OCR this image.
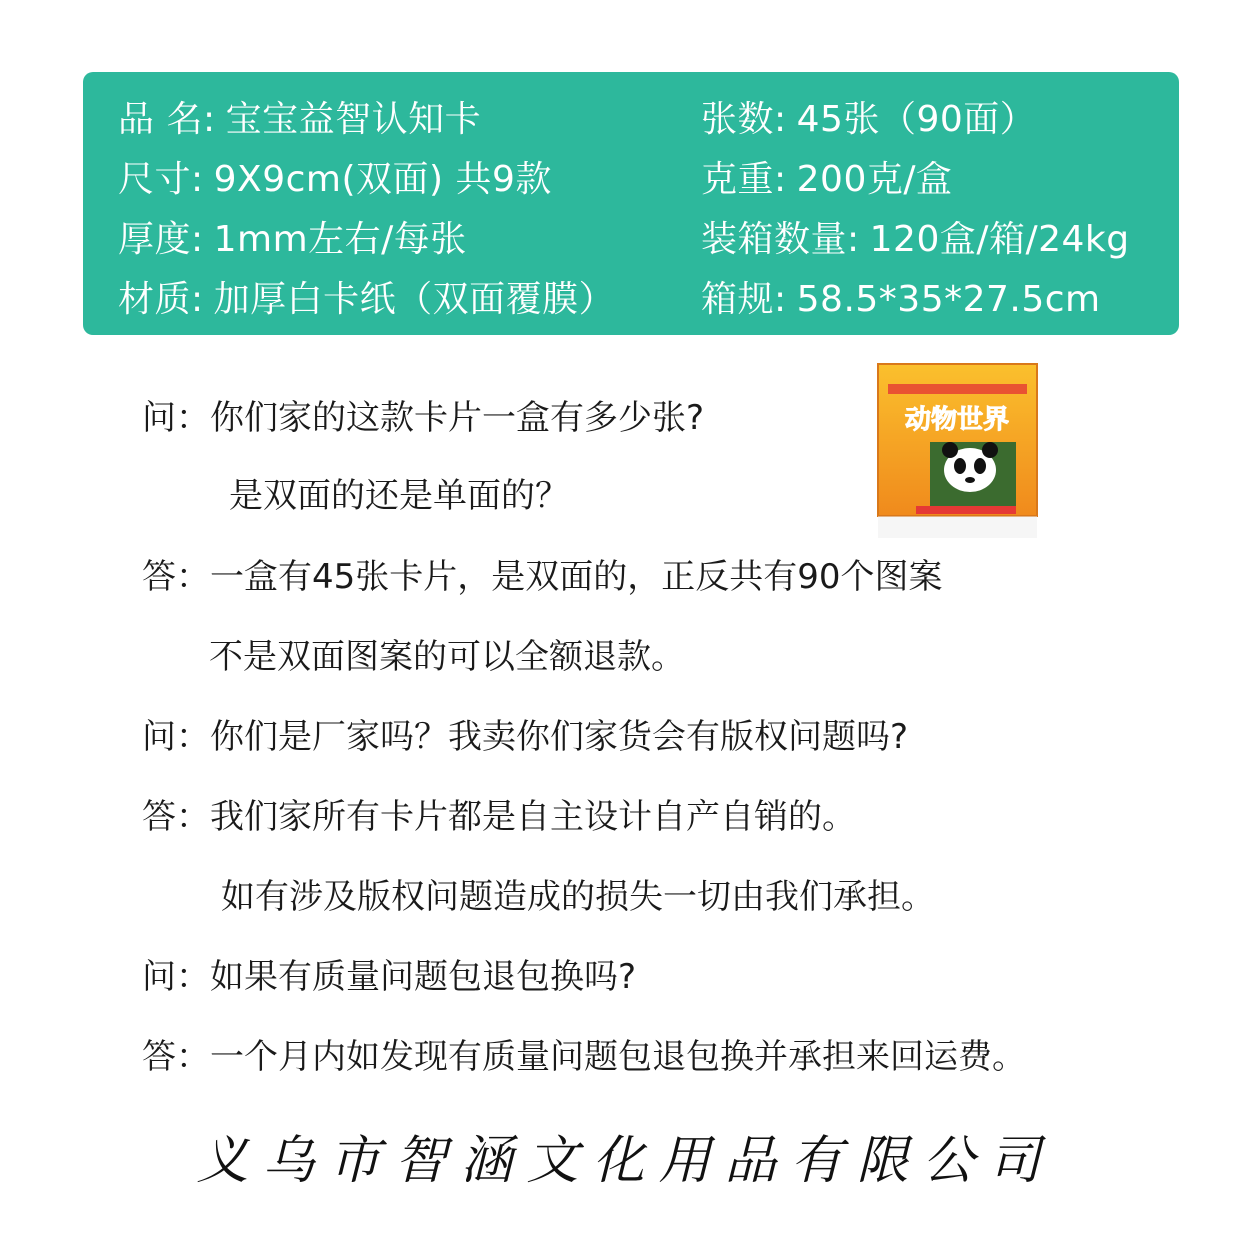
品 名: 宝宝益智认知卡
尺寸: 9X9cm(双面) 共9款
厚度: 1mm左右/每张
材质: 加厚白卡纸（双面覆膜）
张数: 45张（90面）
克重: 200克/盒
装箱数量: 120盒/箱/24kg
箱规: 58.5*35*27.5cm
动物世界
问：你们家的这款卡片一盒有多少张?
是双面的还是单面的？
答：一盒有45张卡片，是双面的，正反共有90个图案
不是双面图案的可以全额退款。
问：你们是厂家吗？我卖你们家货会有版权问题吗?
答：我们家所有卡片都是自主设计自产自销的。
如有涉及版权问题造成的损失一切由我们承担。
问：如果有质量问题包退包换吗?
答：一个月内如发现有质量问题包退包换并承担来回运费。
义乌市智涵文化用品有限公司
